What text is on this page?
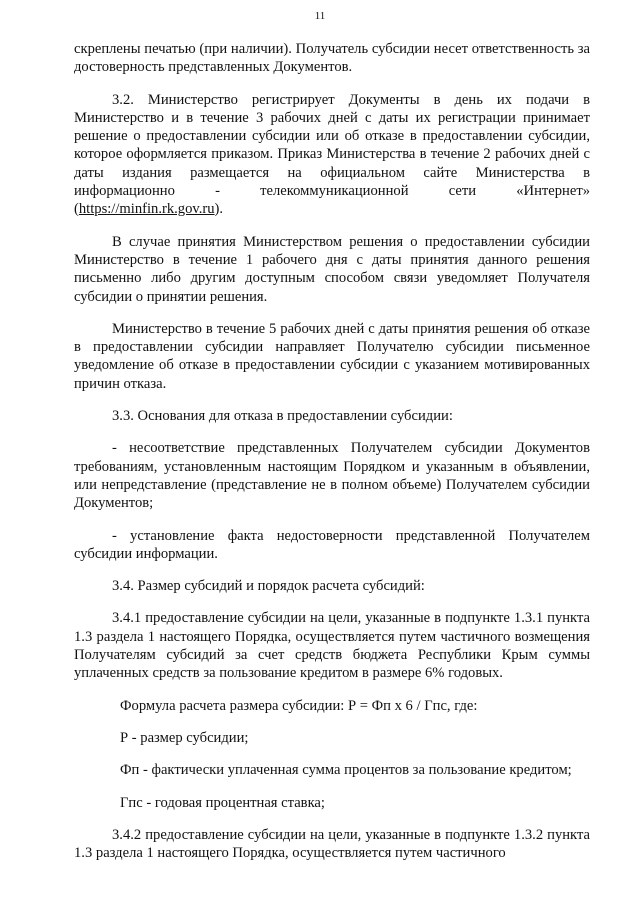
11

скреплены печатью (при наличии). Получатель субсидии несет ответственность за достоверность представленных Документов.

3.2. Министерство регистрирует Документы в день их подачи в Министерство и в течение 3 рабочих дней с даты их регистрации принимает решение о предоставлении субсидии или об отказе в предоставлении субсидии, которое оформляется приказом. Приказ Министерства в течение 2 рабочих дней с даты издания размещается на официальном сайте Министерства в информационно - телекоммуникационной сети «Интернет» (https://minfin.rk.gov.ru).

В случае принятия Министерством решения о предоставлении субсидии Министерство в течение 1 рабочего дня с даты принятия данного решения письменно либо другим доступным способом связи уведомляет Получателя субсидии о принятии решения.

Министерство в течение 5 рабочих дней с даты принятия решения об отказе в предоставлении субсидии направляет Получателю субсидии письменное уведомление об отказе в предоставлении субсидии с указанием мотивированных причин отказа.

3.3. Основания для отказа в предоставлении субсидии:

- несоответствие представленных Получателем субсидии Документов требованиям, установленным настоящим Порядком и указанным в объявлении, или непредставление (представление не в полном объеме) Получателем субсидии Документов;

- установление факта недостоверности представленной Получателем субсидии информации.

3.4. Размер субсидий и порядок расчета субсидий:

3.4.1 предоставление субсидии на цели, указанные в подпункте 1.3.1 пункта 1.3 раздела 1 настоящего Порядка, осуществляется путем частичного возмещения Получателям субсидий за счет средств бюджета Республики Крым суммы уплаченных средств за пользование кредитом в размере 6% годовых.

Формула расчета размера субсидии: Р = Фп х 6 / Гпс, где:

Р - размер субсидии;

Фп - фактически уплаченная сумма процентов за пользование кредитом;

Гпс - годовая процентная ставка;

3.4.2 предоставление субсидии на цели, указанные в подпункте 1.3.2 пункта 1.3 раздела 1 настоящего Порядка, осуществляется путем частичного
